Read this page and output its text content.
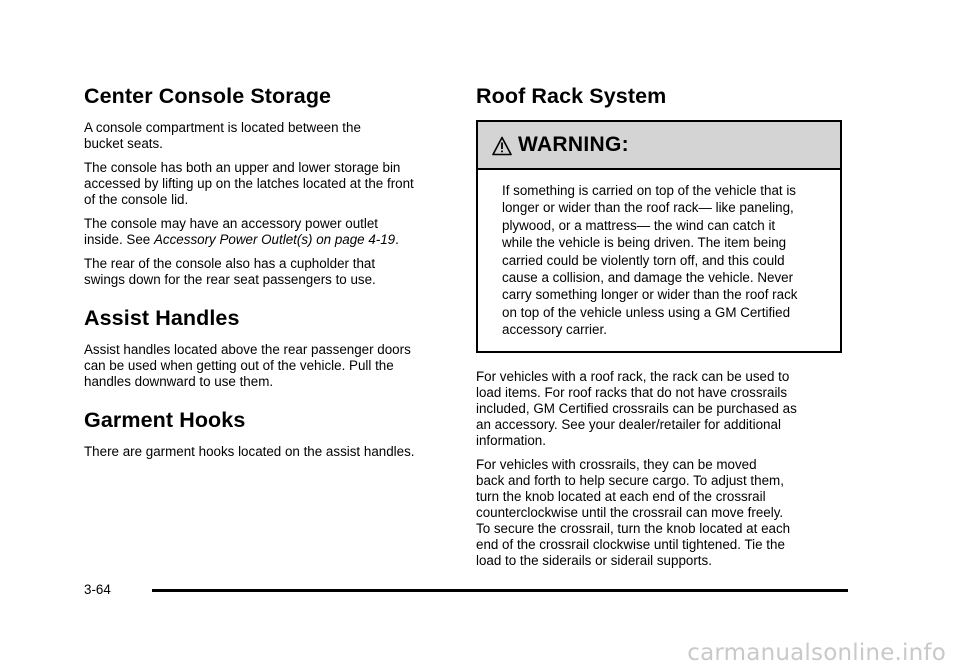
Center Console Storage

A console compartment is located between the
bucket seats.

The console has both an upper and lower storage bin
accessed by lifting up on the latches located at the front
of the console lid.

The console may have an accessory power outlet
inside. See Accessory Power Outlet(s) on page 4-19.

The rear of the console also has a cupholder that
swings down for the rear seat passengers to use.

Assist Handles

Assist handles located above the rear passenger doors
can be used when getting out of the vehicle. Pull the
handles downward to use them.

Garment Hooks

There are garment hooks located on the assist handles.

Roof Rack System
WARNING:

If something is carried on top of the vehicle that is
longer or wider than the roof rack— like paneling,
plywood, or a mattress— the wind can catch it
while the vehicle is being driven. The item being
carried could be violently torn off, and this could
cause a collision, and damage the vehicle. Never
carry something longer or wider than the roof rack
on top of the vehicle unless using a GM Certified
accessory carrier.

For vehicles with a roof rack, the rack can be used to
load items. For roof racks that do not have crossrails
included, GM Certified crossrails can be purchased as
an accessory. See your dealer/retailer for additional
information.

For vehicles with crossrails, they can be moved
back and forth to help secure cargo. To adjust them,
turn the knob located at each end of the crossrail
counterclockwise until the crossrail can move freely.
To secure the crossrail, turn the knob located at each
end of the crossrail clockwise until tightened. Tie the
load to the siderails or siderail supports.

3-64
carmanualsonline.info
